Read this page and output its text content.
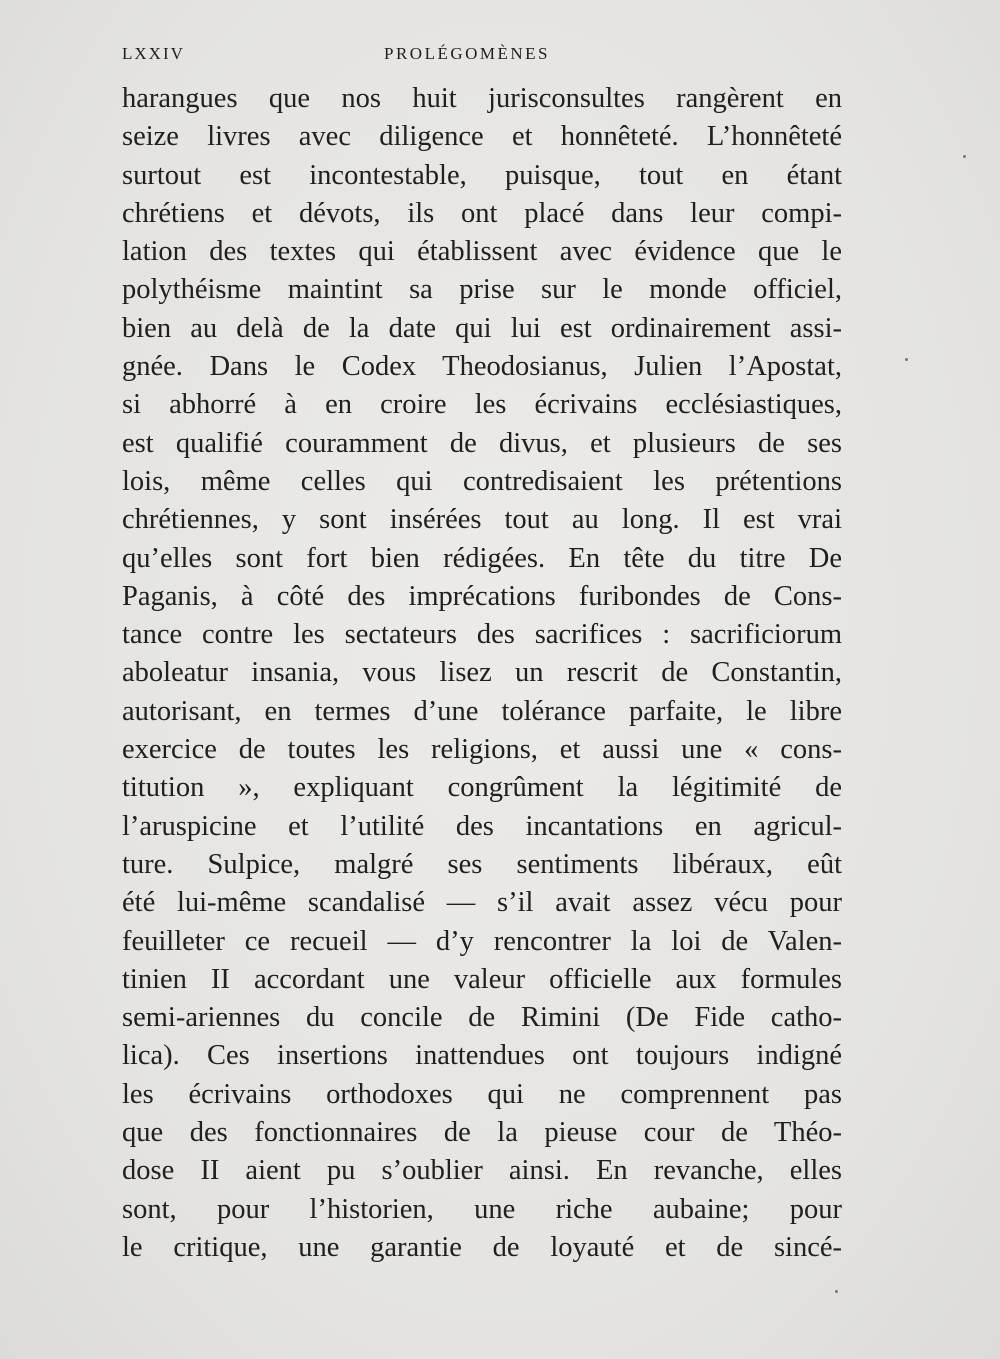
LXXIV	PROLÉGOMÈNES
harangues que nos huit jurisconsultes rangèrent en
seize livres avec diligence et honnêteté. L’honnêteté
surtout est incontestable, puisque, tout en étant
chrétiens et dévots, ils ont placé dans leur compi-
lation des textes qui établissent avec évidence que le
polythéisme maintint sa prise sur le monde officiel,
bien au delà de la date qui lui est ordinairement assi-
gnée. Dans le Codex Theodosianus, Julien l’Apostat,
si abhorré à en croire les écrivains ecclésiastiques,
est qualifié couramment de divus, et plusieurs de ses
lois, même celles qui contredisaient les prétentions
chrétiennes, y sont insérées tout au long. Il est vrai
qu’elles sont fort bien rédigées. En tête du titre De
Paganis, à côté des imprécations furibondes de Cons-
tance contre les sectateurs des sacrifices : sacrificiorum
aboleatur insania, vous lisez un rescrit de Constantin,
autorisant, en termes d’une tolérance parfaite, le libre
exercice de toutes les religions, et aussi une « cons-
titution », expliquant congrûment la légitimité de
l’aruspicine et l’utilité des incantations en agricul-
ture. Sulpice, malgré ses sentiments libéraux, eût
été lui-même scandalisé — s’il avait assez vécu pour
feuilleter ce recueil — d’y rencontrer la loi de Valen-
tinien II accordant une valeur officielle aux formules
semi-ariennes du concile de Rimini (De Fide catho-
lica). Ces insertions inattendues ont toujours indigné
les écrivains orthodoxes qui ne comprennent pas
que des fonctionnaires de la pieuse cour de Théo-
dose II aient pu s’oublier ainsi. En revanche, elles
sont, pour l’historien, une riche aubaine; pour
le critique, une garantie de loyauté et de sincé-
